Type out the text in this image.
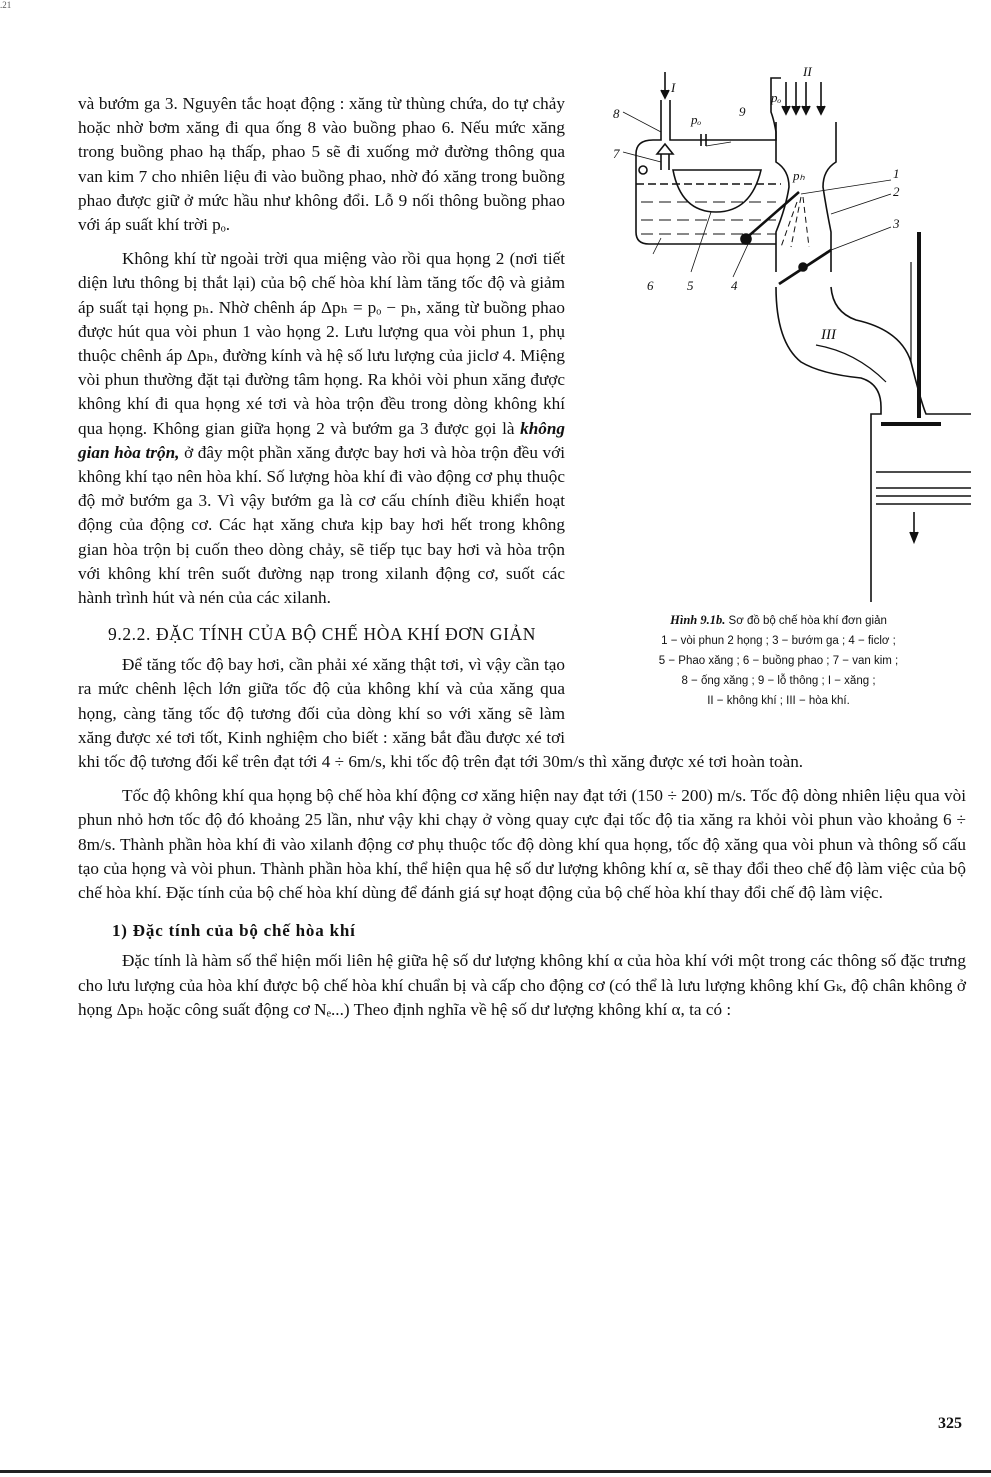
.21
I
II
III
pₒ
pₕ
pₒ
1
2
3
4
5
6
7
8	9
Hình 9.1b. Sơ đồ bộ chế hòa khí đơn giản
1 − vòi phun 2 họng ; 3 − bướm ga ; 4 − ficlơ ;
5 − Phao xăng ; 6 − buồng phao ; 7 − van kim ;
8 − ống xăng ; 9 − lỗ thông ; I − xăng ;
II − không khí ; III − hòa khí.

và bướm ga 3. Nguyên tắc hoạt động : xăng từ thùng chứa, do tự chảy hoặc nhờ bơm xăng đi qua ống 8 vào buồng phao 6. Nếu mức xăng trong buồng phao hạ thấp, phao 5 sẽ đi xuống mở đường thông qua van kim 7 cho nhiên liệu đi vào buồng phao, nhờ đó xăng trong buồng phao được giữ ở mức hầu như không đổi. Lỗ 9 nối thông buồng phao với áp suất khí trời pₒ.

Không khí từ ngoài trời qua miệng vào rồi qua họng 2 (nơi tiết diện lưu thông bị thắt lại) của bộ chế hòa khí làm tăng tốc độ và giảm áp suất tại họng pₕ. Nhờ chênh áp Δpₕ = pₒ − pₕ, xăng từ buồng phao được hút qua vòi phun 1 vào họng 2. Lưu lượng qua vòi phun 1, phụ thuộc chênh áp Δpₕ, đường kính và hệ số lưu lượng của jiclơ 4. Miệng vòi phun thường đặt tại đường tâm họng. Ra khỏi vòi phun xăng được không khí đi qua họng xé tơi và hòa trộn đều trong dòng không khí qua họng. Không gian giữa họng 2 và bướm ga 3 được gọi là không gian hòa trộn, ở đây một phần xăng được bay hơi và hòa trộn đều với không khí tạo nên hòa khí. Số lượng hòa khí đi vào động cơ phụ thuộc độ mở bướm ga 3. Vì vậy bướm ga là cơ cấu chính điều khiển hoạt động của động cơ. Các hạt xăng chưa kịp bay hơi hết trong không gian hòa trộn bị cuốn theo dòng chảy, sẽ tiếp tục bay hơi và hòa trộn với không khí trên suốt đường nạp trong xilanh động cơ, suốt các hành trình hút và nén của các xilanh.

9.2.2. ĐẶC TÍNH CỦA BỘ CHẾ HÒA KHÍ ĐƠN GIẢN

Để tăng tốc độ bay hơi, cần phải xé xăng thật tơi, vì vậy cần tạo ra mức chênh lệch lớn giữa tốc độ của không khí và của xăng qua họng, càng tăng tốc độ tương đối của dòng khí so với xăng sẽ làm xăng được xé tơi tốt, Kinh nghiệm cho biết : xăng bắt đầu được xé tơi khi tốc độ tương đối kể trên đạt tới 4 ÷ 6m/s, khi tốc độ trên đạt tới 30m/s thì xăng được xé tơi hoàn toàn.

Tốc độ không khí qua họng bộ chế hòa khí động cơ xăng hiện nay đạt tới (150 ÷ 200) m/s. Tốc độ dòng nhiên liệu qua vòi phun nhỏ hơn tốc độ đó khoảng 25 lần, như vậy khi chạy ở vòng quay cực đại tốc độ tia xăng ra khỏi vòi phun vào khoảng 6 ÷ 8m/s. Thành phần hòa khí đi vào xilanh động cơ phụ thuộc tốc độ dòng khí qua họng, tốc độ xăng qua vòi phun và thông số cấu tạo của họng và vòi phun. Thành phần hòa khí, thể hiện qua hệ số dư lượng không khí α, sẽ thay đổi theo chế độ làm việc của bộ chế hòa khí. Đặc tính của bộ chế hòa khí dùng để đánh giá sự hoạt động của bộ chế hòa khí thay đổi chế độ làm việc.

1) Đặc tính của bộ chế hòa khí

Đặc tính là hàm số thể hiện mối liên hệ giữa hệ số dư lượng không khí α của hòa khí với một trong các thông số đặc trưng cho lưu lượng của hòa khí được bộ chế hòa khí chuẩn bị và cấp cho động cơ (có thể là lưu lượng không khí Gₖ, độ chân không ở họng Δpₕ hoặc công suất động cơ Nₑ...) Theo định nghĩa về hệ số dư lượng không khí α, ta có :

325
